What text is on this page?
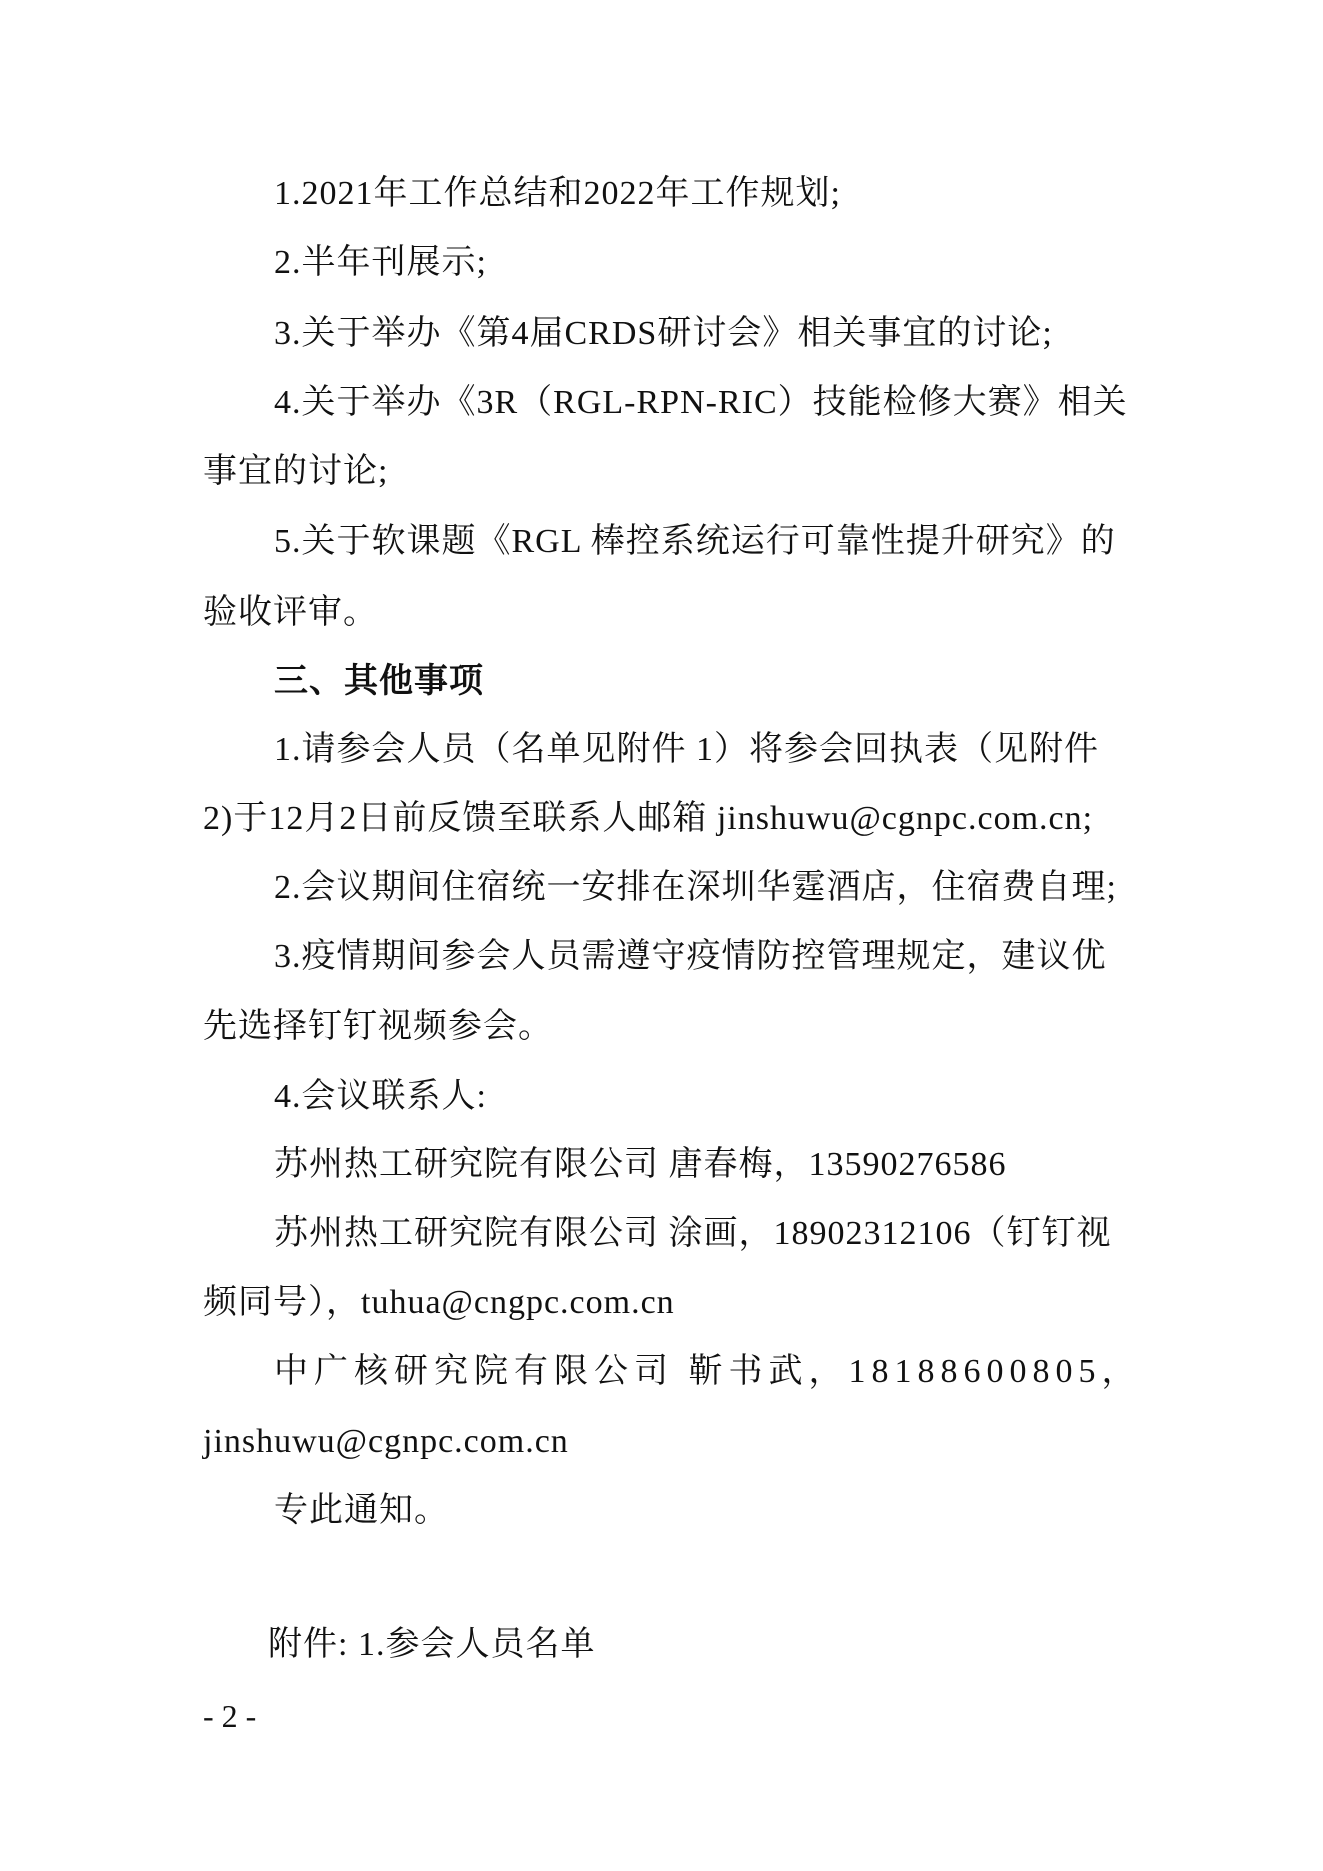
1.2021年工作总结和2022年工作规划;
2.半年刊展示;
3.关于举办《第4届CRDS研讨会》相关事宜的讨论;
4.关于举办《3R（RGL-RPN-RIC）技能检修大赛》相关
事宜的讨论;
5.关于软课题《RGL 棒控系统运行可靠性提升研究》的
验收评审。
三、其他事项
1.请参会人员（名单见附件 1）将参会回执表（见附件
2)于12月2日前反馈至联系人邮箱 jinshuwu@cgnpc.com.cn;
2.会议期间住宿统一安排在深圳华霆酒店，住宿费自理;
3.疫情期间参会人员需遵守疫情防控管理规定，建议优
先选择钉钉视频参会。
4.会议联系人:
苏州热工研究院有限公司 唐春梅，13590276586
苏州热工研究院有限公司 涂画，18902312106（钉钉视
频同号），tuhua@cngpc.com.cn
中广核研究院有限公司 靳书武，18188600805，
jinshuwu@cgnpc.com.cn
专此通知。
附件: 1.参会人员名单
- 2 -
